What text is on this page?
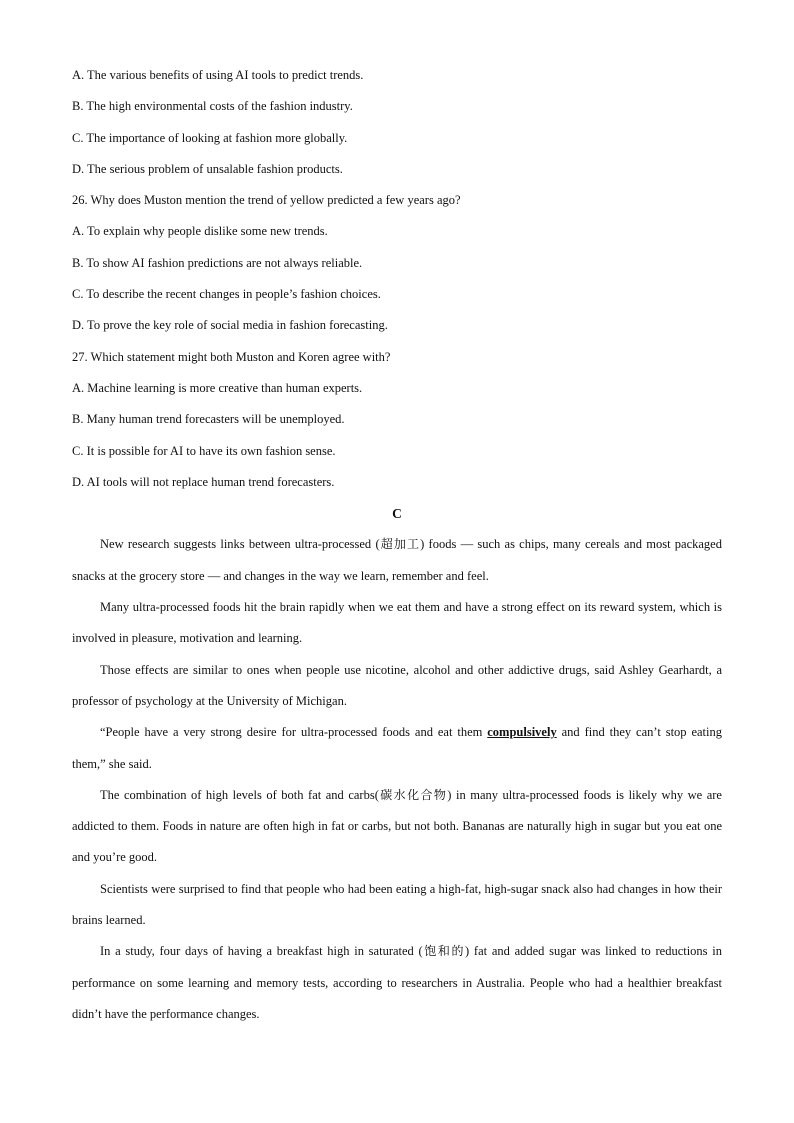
A. The various benefits of using AI tools to predict trends.

B. The high environmental costs of the fashion industry.

C. The importance of looking at fashion more globally.

D. The serious problem of unsalable fashion products.

26. Why does Muston mention the trend of yellow predicted a few years ago?

A. To explain why people dislike some new trends.

B. To show AI fashion predictions are not always reliable.

C. To describe the recent changes in people’s fashion choices.

D. To prove the key role of social media in fashion forecasting.

27. Which statement might both Muston and Koren agree with?

A. Machine learning is more creative than human experts.

B. Many human trend forecasters will be unemployed.

C. It is possible for AI to have its own fashion sense.

D. AI tools will not replace human trend forecasters.

C

New research suggests links between ultra-processed (超加工) foods — such as chips, many cereals and most packaged snacks at the grocery store — and changes in the way we learn, remember and feel.

Many ultra-processed foods hit the brain rapidly when we eat them and have a strong effect on its reward system, which is involved in pleasure, motivation and learning.

Those effects are similar to ones when people use nicotine, alcohol and other addictive drugs, said Ashley Gearhardt, a professor of psychology at the University of Michigan.

“People have a very strong desire for ultra-processed foods and eat them compulsively and find they can’t stop eating them,” she said.

The combination of high levels of both fat and carbs(碳水化合物) in many ultra-processed foods is likely why we are addicted to them. Foods in nature are often high in fat or carbs, but not both. Bananas are naturally high in sugar but you eat one and you’re good.

Scientists were surprised to find that people who had been eating a high-fat, high-sugar snack also had changes in how their brains learned.

In a study, four days of having a breakfast high in saturated (饱和的) fat and added sugar was linked to reductions in performance on some learning and memory tests, according to researchers in Australia. People who had a healthier breakfast didn’t have the performance changes.
